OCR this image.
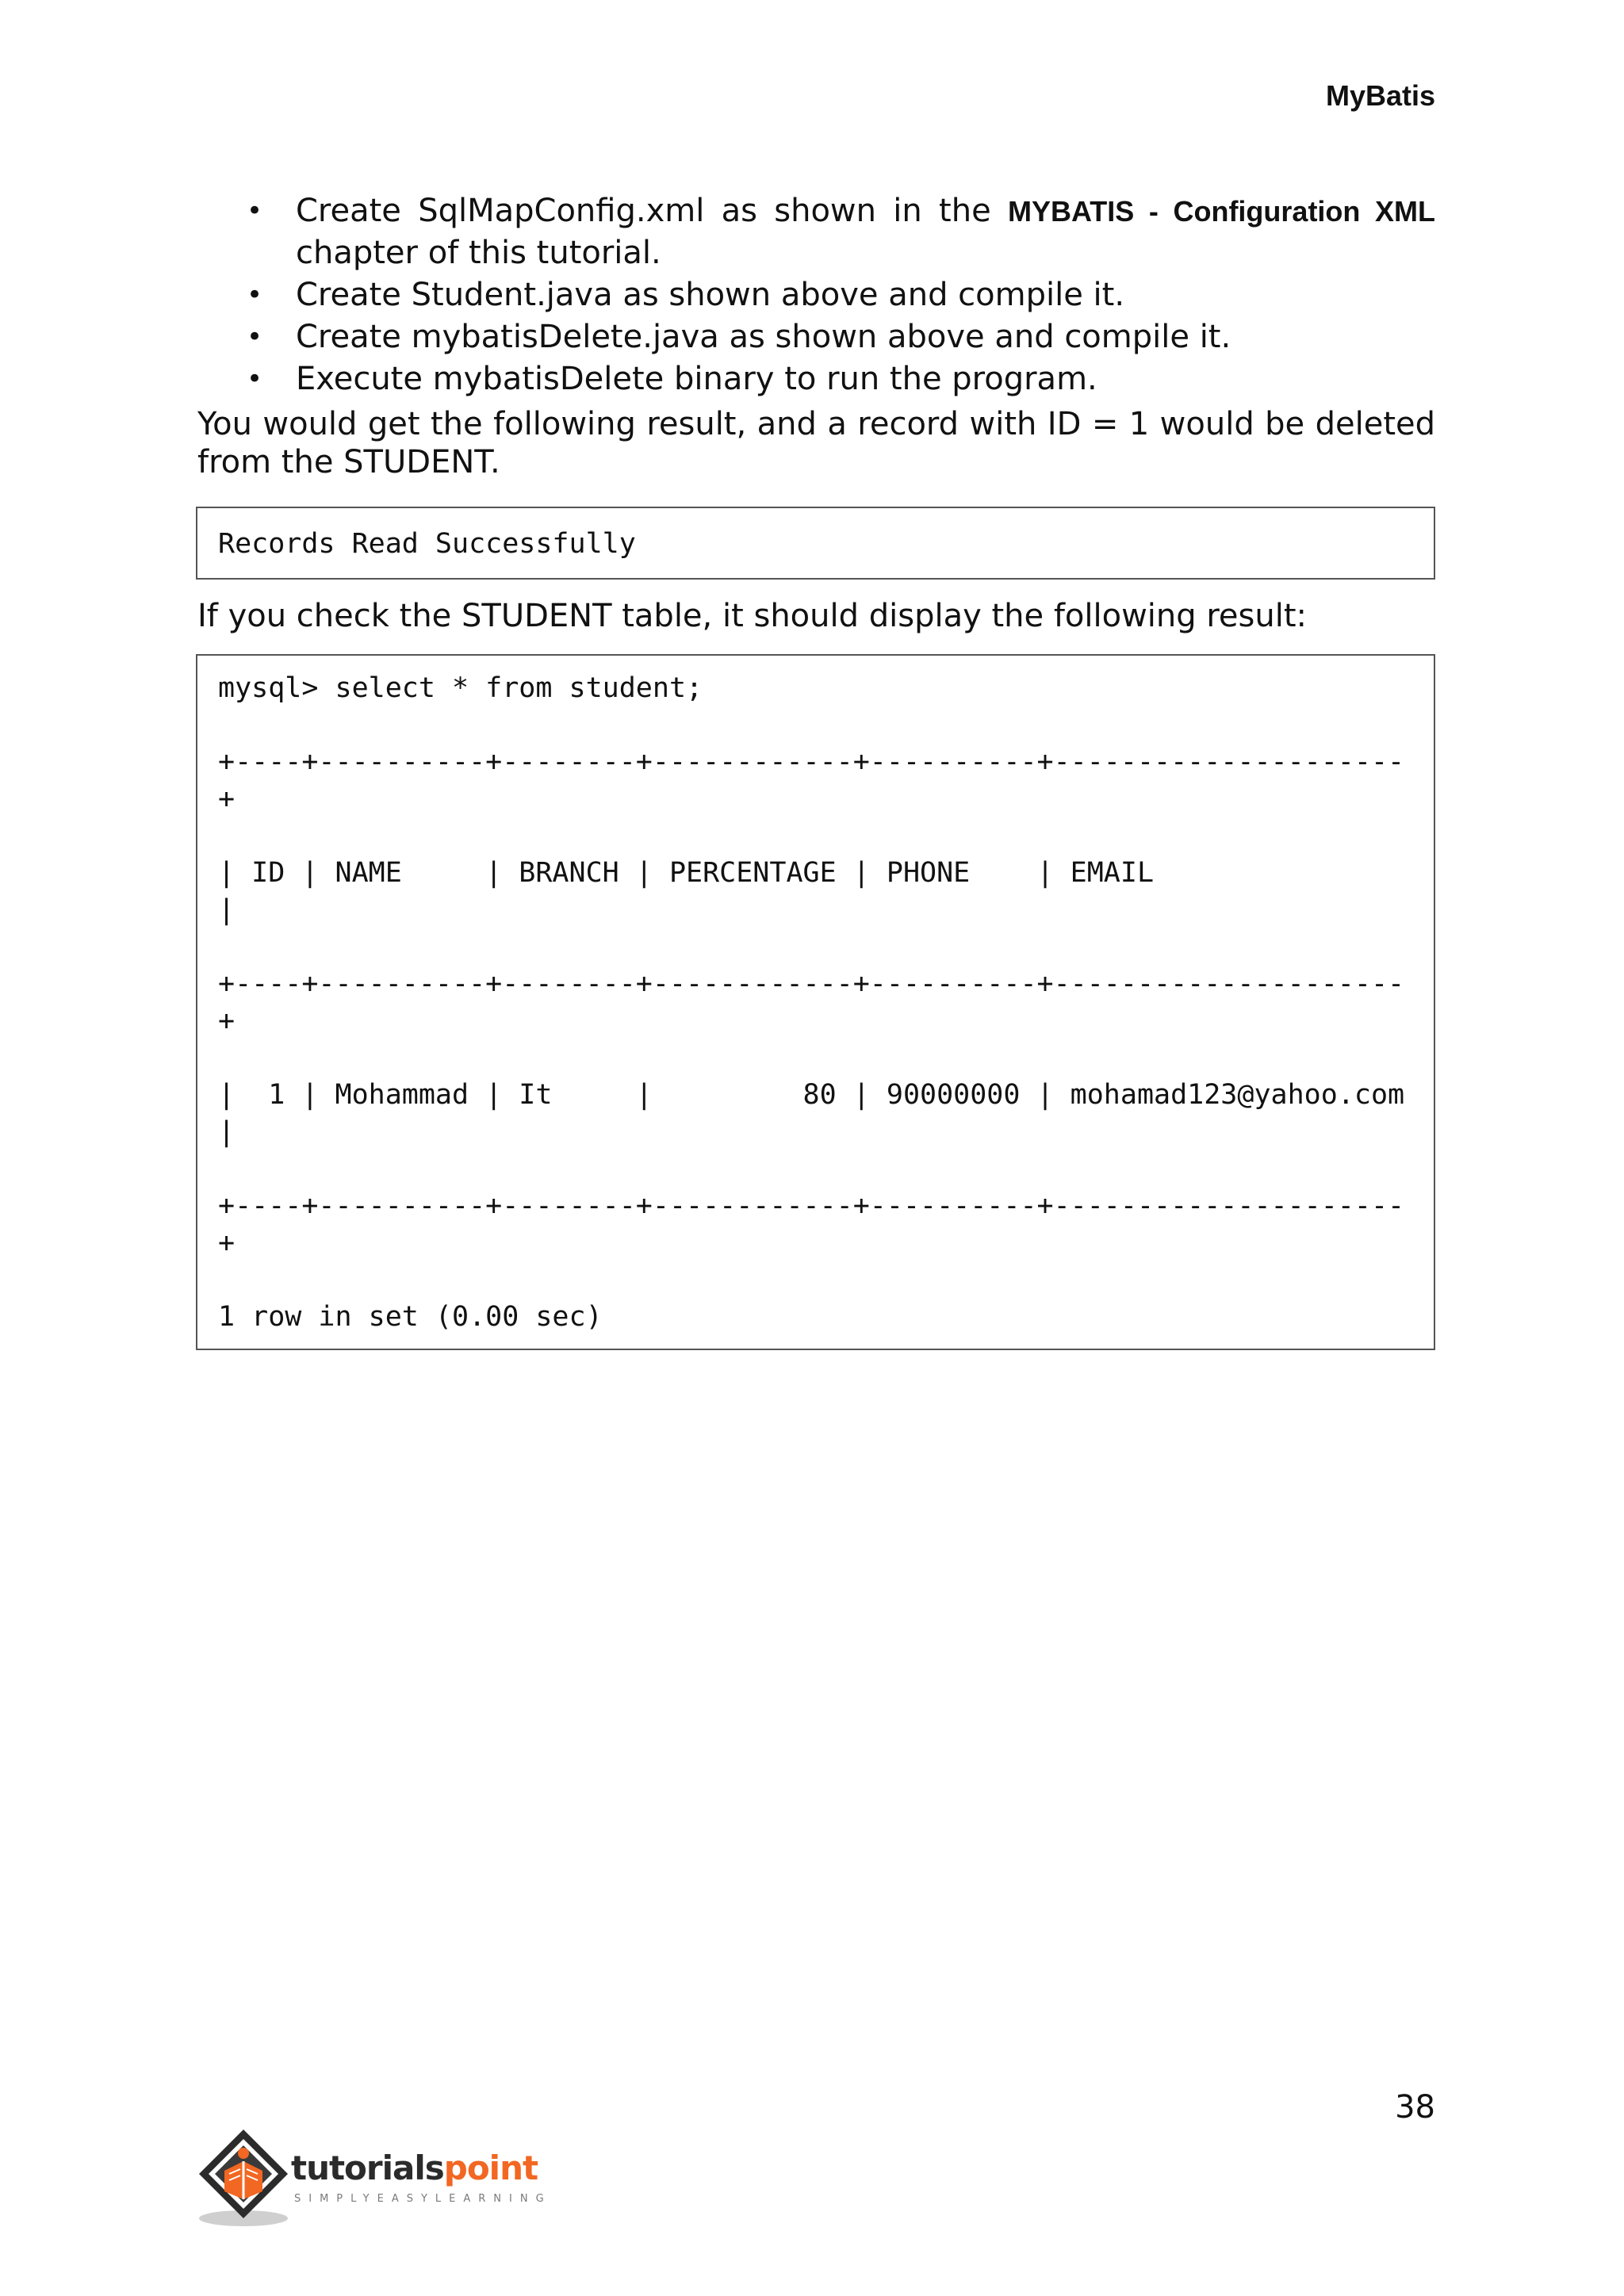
MyBatis
• Create SqlMapConfig.xml as shown in the MYBATIS - Configuration XML chapter of this tutorial.
• Create Student.java as shown above and compile it.
• Create mybatisDelete.java as shown above and compile it.
• Execute mybatisDelete binary to run the program.

You would get the following result, and a record with ID = 1 would be deleted from the STUDENT.

Records Read Successfully

If you check the STUDENT table, it should display the following result:

mysql> select * from student;
+----+----------+--------+------------+----------+---------------------
+
| ID | NAME     | BRANCH | PERCENTAGE | PHONE    | EMAIL
|
+----+----------+--------+------------+----------+---------------------
+
|  1 | Mohammad | It     |         80 | 90000000 | mohamad123@yahoo.com
|
+----+----------+--------+------------+----------+---------------------
+
1 row in set (0.00 sec)
38
tutorialspoint
SIMPLYEASYLEARNING
